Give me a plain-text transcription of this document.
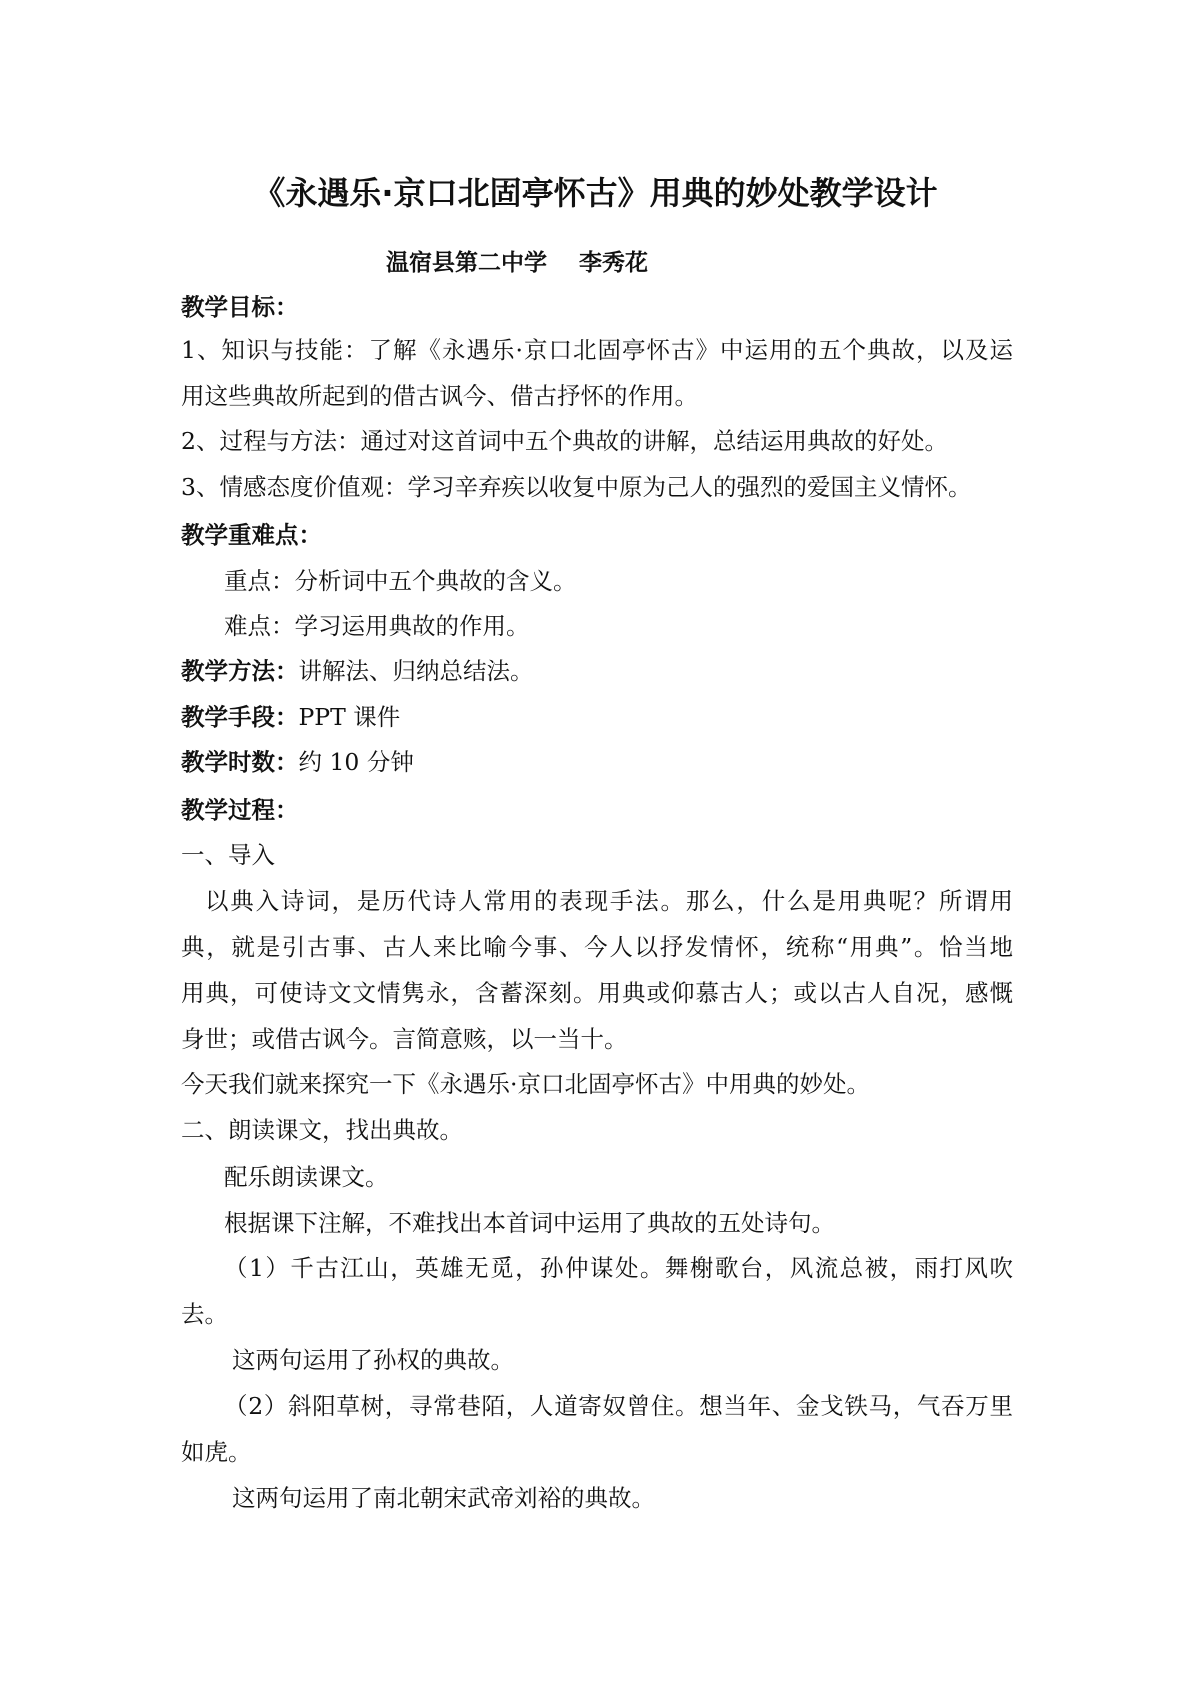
《永遇乐·京口北固亭怀古》用典的妙处教学设计
温宿县第二中学    李秀花
教学目标：
1、知识与技能：了解《永遇乐·京口北固亭怀古》中运用的五个典故，以及运
用这些典故所起到的借古讽今、借古抒怀的作用。
2、过程与方法：通过对这首词中五个典故的讲解，总结运用典故的好处。
3、情感态度价值观：学习辛弃疾以收复中原为己人的强烈的爱国主义情怀。
教学重难点：
重点：分析词中五个典故的含义。
难点：学习运用典故的作用。
教学方法：讲解法、归纳总结法。
教学手段：PPT 课件
教学时数：约 10 分钟
教学过程：
一、导入
以典入诗词，是历代诗人常用的表现手法。那么，什么是用典呢？所谓用
典，就是引古事、古人来比喻今事、今人以抒发情怀，统称“用典”。恰当地
用典，可使诗文文情隽永，含蓄深刻。用典或仰慕古人；或以古人自况，感慨
身世；或借古讽今。言简意赅，以一当十。
今天我们就来探究一下《永遇乐·京口北固亭怀古》中用典的妙处。
二、朗读课文，找出典故。
配乐朗读课文。
根据课下注解，不难找出本首词中运用了典故的五处诗句。
（1）千古江山，英雄无觅，孙仲谋处。舞榭歌台，风流总被，雨打风吹
去。
这两句运用了孙权的典故。
（2）斜阳草树，寻常巷陌，人道寄奴曾住。想当年、金戈铁马，气吞万里
如虎。
这两句运用了南北朝宋武帝刘裕的典故。
